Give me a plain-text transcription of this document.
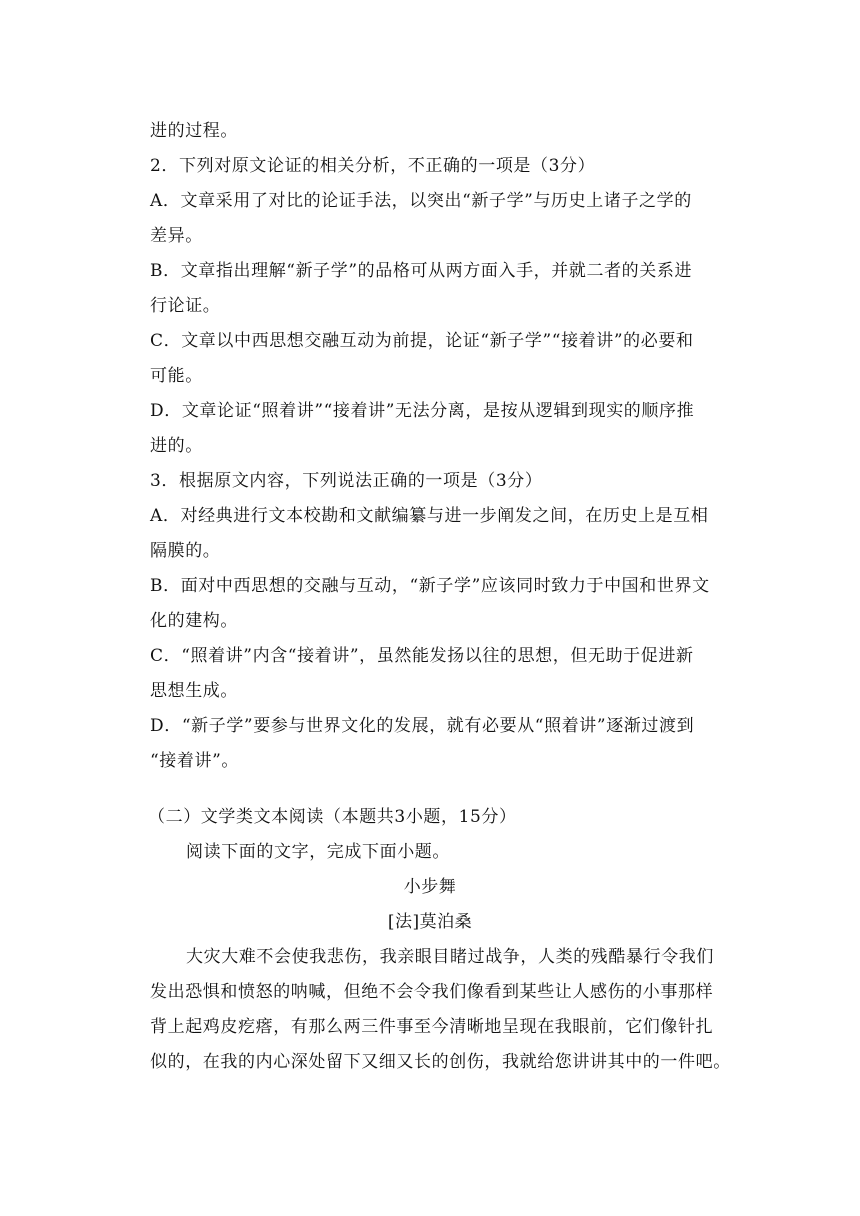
进的过程。
2．下列对原文论证的相关分析，不正确的一项是（3分）
A．文章采用了对比的论证手法，以突出“新子学”与历史上诸子之学的
差异。
B．文章指出理解“新子学”的品格可从两方面入手，并就二者的关系进
行论证。
C．文章以中西思想交融互动为前提，论证“新子学”“接着讲”的必要和
可能。
D．文章论证“照着讲”“接着讲”无法分离，是按从逻辑到现实的顺序推
进的。
3．根据原文内容，下列说法正确的一项是（3分）
A．对经典进行文本校勘和文献编纂与进一步阐发之间，在历史上是互相
隔膜的。
B．面对中西思想的交融与互动，“新子学”应该同时致力于中国和世界文
化的建构。
C．“照着讲”内含“接着讲”，虽然能发扬以往的思想，但无助于促进新
思想生成。
D．“新子学”要参与世界文化的发展，就有必要从“照着讲”逐渐过渡到
“接着讲”。
（二）文学类文本阅读（本题共3小题，15分）
阅读下面的文字，完成下面小题。
小步舞
[法]莫泊桑
大灾大难不会使我悲伤，我亲眼目睹过战争，人类的残酷暴行令我们
发出恐惧和愤怒的呐喊，但绝不会令我们像看到某些让人感伤的小事那样
背上起鸡皮疙瘩，有那么两三件事至今清晰地呈现在我眼前，它们像针扎
似的，在我的内心深处留下又细又长的创伤，我就给您讲讲其中的一件吧。
